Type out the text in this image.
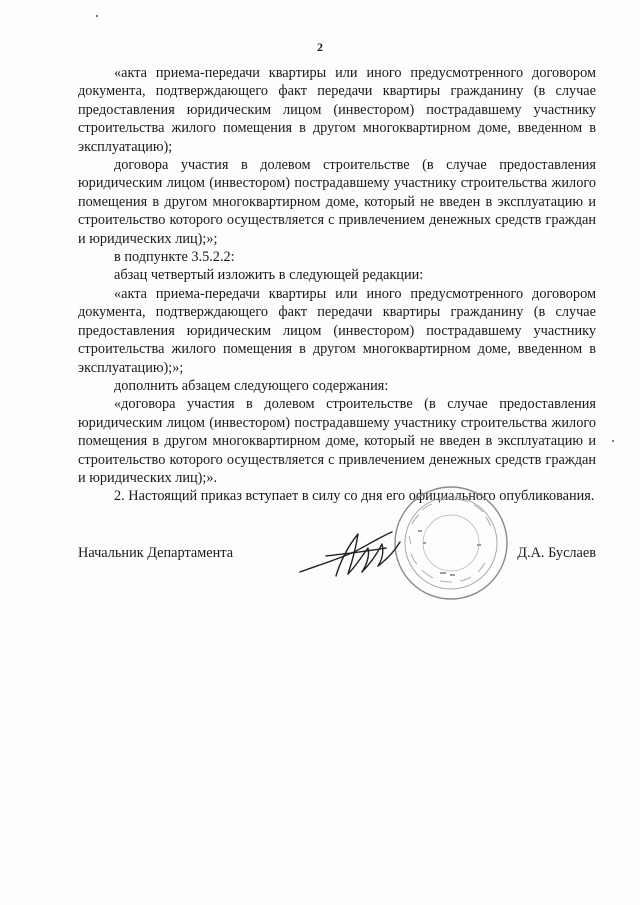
2

«акта приема-передачи квартиры или иного предусмотренного договором документа, подтверждающего факт передачи квартиры гражданину (в случае предоставления юридическим лицом (инвестором) пострадавшему участнику строительства жилого помещения в другом многоквартирном доме, введенном в эксплуатацию);

договора участия в долевом строительстве (в случае предоставления юридическим лицом (инвестором) пострадавшему участнику строительства жилого помещения в другом многоквартирном доме, который не введен в эксплуатацию и строительство которого осуществляется с привлечением денежных средств граждан и юридических лиц);»;

в подпункте 3.5.2.2:

абзац четвертый изложить в следующей редакции:

«акта приема-передачи квартиры или иного предусмотренного договором документа, подтверждающего факт передачи квартиры гражданину (в случае предоставления юридическим лицом (инвестором) пострадавшему участнику строительства жилого помещения в другом многоквартирном доме, введенном в эксплуатацию);»;

дополнить абзацем следующего содержания:

«договора участия в долевом строительстве (в случае предоставления юридическим лицом (инвестором) пострадавшему участнику строительства жилого помещения в другом многоквартирном доме, который не введен в эксплуатацию и строительство которого осуществляется с привлечением денежных средств граждан и юридических лиц);».

2. Настоящий приказ вступает в силу со дня его официального опубликования.

Начальник Департамента	Д.А. Буслаев
